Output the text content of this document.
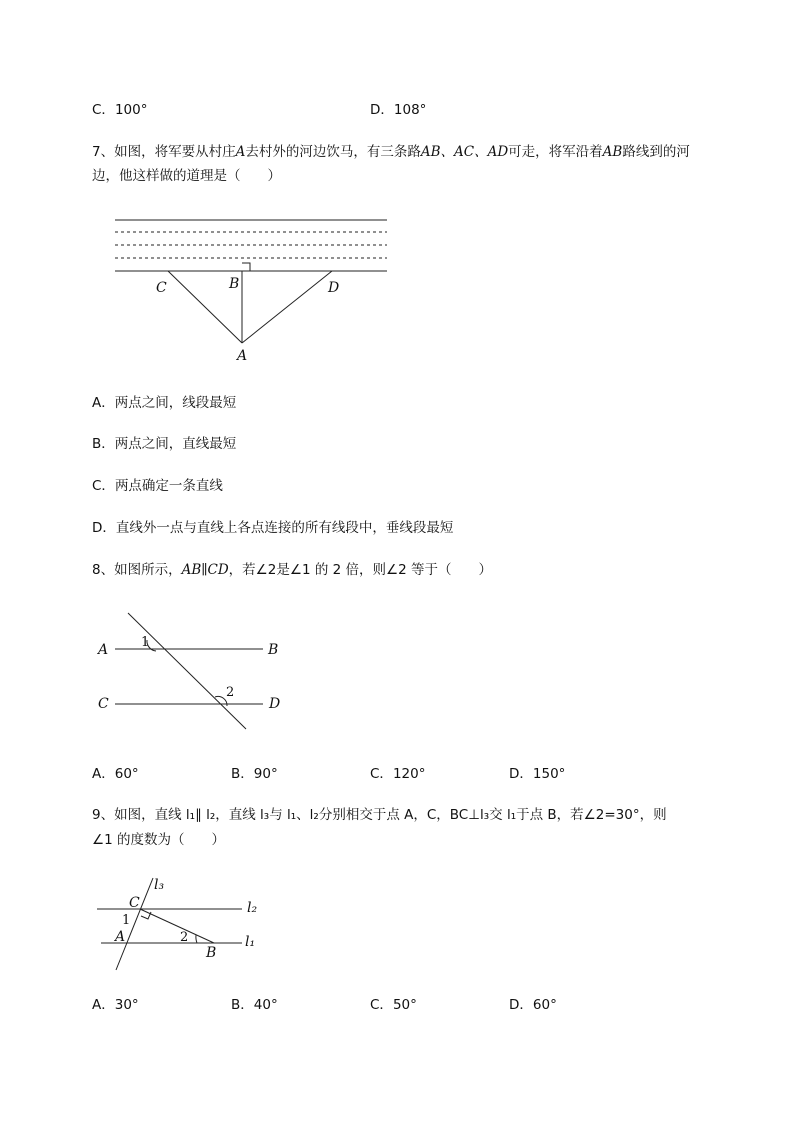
C．100°	D．108°
7、如图，将军要从村庄A去村外的河边饮马，有三条路AB、AC、AD可走，将军沿着AB路线到的河
边，他这样做的道理是（　　）
C	B	D
A
A．两点之间，线段最短
B．两点之间，直线最短
C．两点确定一条直线
D．直线外一点与直线上各点连接的所有线段中，垂线段最短
8、如图所示，AB∥CD，若∠2是∠1 的 2 倍，则∠2 等于（　　）
A	B
C	D
1
2
A．60°	B．90°	C．120°	D．150°
9、如图，直线 l₁∥ l₂，直线 l₃与 l₁、l₂分别相交于点 A，C，BC⊥l₃交 l₁于点 B，若∠2=30°，则
∠1 的度数为（　　）
l₃
l₂
l₁
C
A
B
1
2
A．30°	B．40°	C．50°	D．60°
